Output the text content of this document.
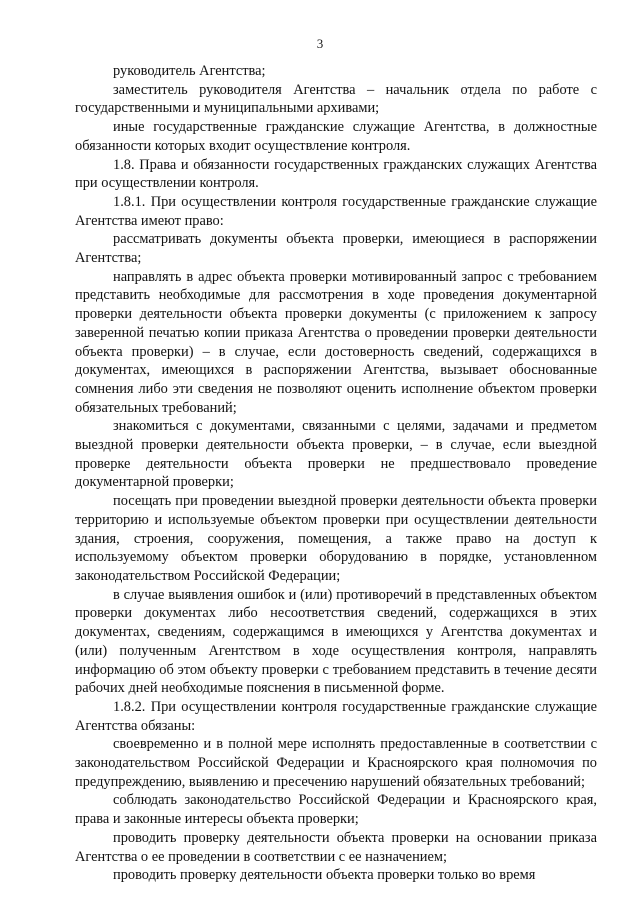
3

руководитель Агентства;

заместитель руководителя Агентства – начальник отдела по работе с государственными и муниципальными архивами;

иные государственные гражданские служащие Агентства, в должностные обязанности которых входит осуществление контроля.

1.8. Права и обязанности государственных гражданских служащих Агентства при осуществлении контроля.

1.8.1. При осуществлении контроля государственные гражданские служащие Агентства имеют право:

рассматривать документы объекта проверки, имеющиеся в распоряжении Агентства;

направлять в адрес объекта проверки мотивированный запрос с требованием представить необходимые для рассмотрения в ходе проведения документарной проверки деятельности объекта проверки документы (с приложением к запросу заверенной печатью копии приказа Агентства о проведении проверки деятельности объекта проверки) – в случае, если достоверность сведений, содержащихся в документах, имеющихся в распоряжении Агентства, вызывает обоснованные сомнения либо эти сведения не позволяют оценить исполнение объектом проверки обязательных требований;

знакомиться с документами, связанными с целями, задачами и предметом выездной проверки деятельности объекта проверки, – в случае, если выездной проверке деятельности объекта проверки не предшествовало проведение документарной проверки;

посещать при проведении выездной проверки деятельности объекта проверки территорию и используемые объектом проверки при осуществлении деятельности здания, строения, сооружения, помещения, а также право на доступ к используемому объектом проверки оборудованию в порядке, установленном законодательством Российской Федерации;

в случае выявления ошибок и (или) противоречий в представленных объектом проверки документах либо несоответствия сведений, содержащихся в этих документах, сведениям, содержащимся в имеющихся у Агентства документах и (или) полученным Агентством в ходе осуществления контроля, направлять информацию об этом объекту проверки с требованием представить в течение десяти рабочих дней необходимые пояснения в письменной форме.

1.8.2. При осуществлении контроля государственные гражданские служащие Агентства обязаны:

своевременно и в полной мере исполнять предоставленные в соответствии с законодательством Российской Федерации и Красноярского края полномочия по предупреждению, выявлению и пресечению нарушений обязательных требований;

соблюдать законодательство Российской Федерации и Красноярского края, права и законные интересы объекта проверки;

проводить проверку деятельности объекта проверки на основании приказа Агентства о ее проведении в соответствии с ее назначением;

проводить проверку деятельности объекта проверки только во время
